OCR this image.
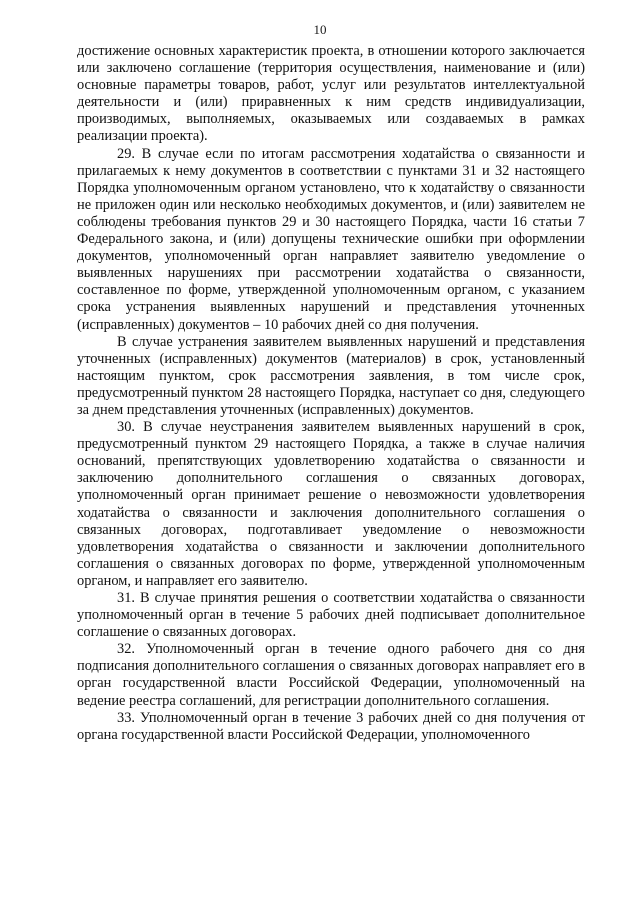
10

достижение основных характеристик проекта, в отношении которого заключается или заключено соглашение (территория осуществления, наименование и (или) основные параметры товаров, работ, услуг или результатов интеллектуальной деятельности и (или) приравненных к ним средств индивидуализации, производимых, выполняемых, оказываемых или создаваемых в рамках реализации проекта).

29. В случае если по итогам рассмотрения ходатайства о связанности и прилагаемых к нему документов в соответствии с пунктами 31 и 32 настоящего Порядка уполномоченным органом установлено, что к ходатайству о связанности не приложен один или несколько необходимых документов, и (или) заявителем не соблюдены требования пунктов 29 и 30 настоящего Порядка, части 16 статьи 7 Федерального закона, и (или) допущены технические ошибки при оформлении документов, уполномоченный орган направляет заявителю уведомление о выявленных нарушениях при рассмотрении ходатайства о связанности, составленное по форме, утвержденной уполномоченным органом, с указанием срока устранения выявленных нарушений и представления уточненных (исправленных) документов – 10 рабочих дней со дня получения.

В случае устранения заявителем выявленных нарушений и представления уточненных (исправленных) документов (материалов) в срок, установленный настоящим пунктом, срок рассмотрения заявления, в том числе срок, предусмотренный пунктом 28 настоящего Порядка, наступает со дня, следующего за днем представления уточненных (исправленных) документов.

30. В случае неустранения заявителем выявленных нарушений в срок, предусмотренный пунктом 29 настоящего Порядка, а также в случае наличия оснований, препятствующих удовлетворению ходатайства о связанности и заключению дополнительного соглашения о связанных договорах, уполномоченный орган принимает решение о невозможности удовлетворения ходатайства о связанности и заключения дополнительного соглашения о связанных договорах, подготавливает уведомление о невозможности удовлетворения ходатайства о связанности и заключении дополнительного соглашения о связанных договорах по форме, утвержденной уполномоченным органом, и направляет его заявителю.

31. В случае принятия решения о соответствии ходатайства о связанности уполномоченный орган в течение 5 рабочих дней подписывает дополнительное соглашение о связанных договорах.

32. Уполномоченный орган в течение одного рабочего дня со дня подписания дополнительного соглашения о связанных договорах направляет его в орган государственной власти Российской Федерации, уполномоченный на ведение реестра соглашений, для регистрации дополнительного соглашения.

33. Уполномоченный орган в течение 3 рабочих дней со дня получения от органа государственной власти Российской Федерации, уполномоченного
